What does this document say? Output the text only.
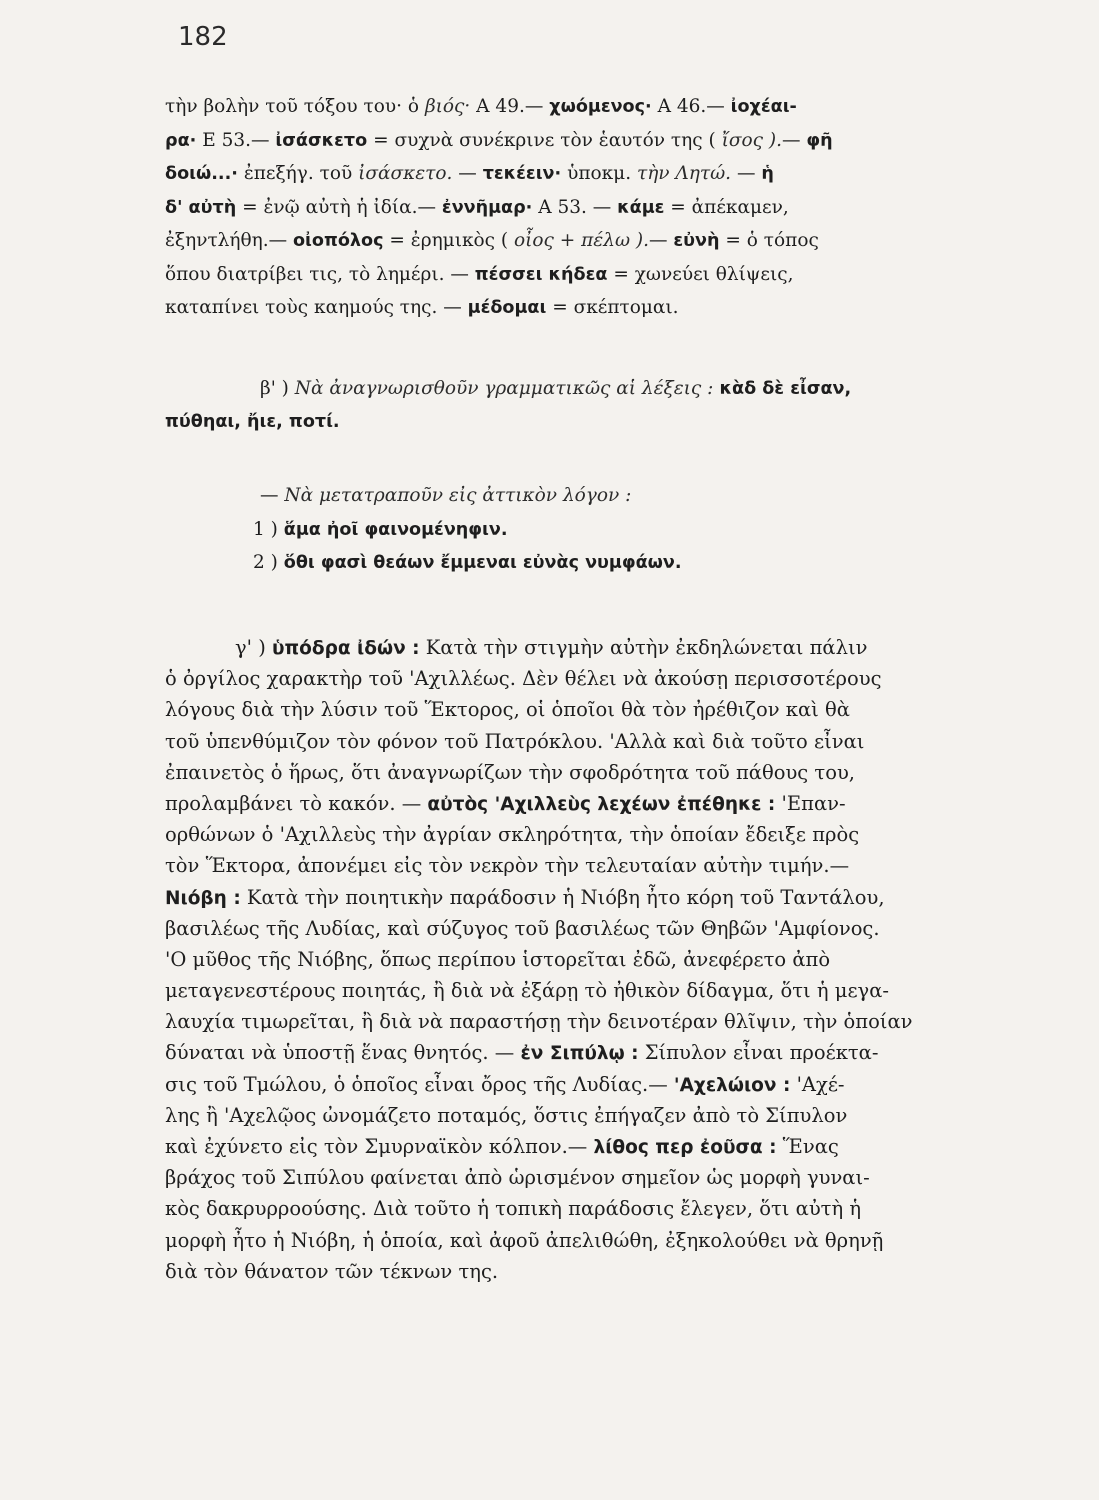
182
τὴν βολὴν τοῦ τόξου του· ὁ βιός· Α 49.— χωόμενος· Α 46.— ἰοχέαι-
ρα· Ε 53.— ἰσάσκετο = συχνὰ συνέκρινε τὸν ἑαυτόν της ( ἴσος ).— φῆ
δοιώ...· ἐπεξήγ. τοῦ ἰσάσκετο. — τεκέειν· ὑποκμ. τὴν Λητώ. — ἡ
δ' αὐτὴ = ἐνῷ αὐτὴ ἡ ἰδία.— ἐννῆμαρ· Α 53. — κάμε = ἀπέκαμεν,
ἐξηντλήθη.— οἰοπόλος = ἐρημικὸς ( οἶος + πέλω ).— εὐνὴ = ὁ τόπος
ὅπου διατρίβει τις, τὸ λημέρι. — πέσσει κήδεα = χωνεύει θλίψεις,
καταπίνει τοὺς καημούς της. — μέδομαι = σκέπτομαι.
β' ) Νὰ ἀναγνωρισθοῦν γραμματικῶς αἱ λέξεις : κὰδ δὲ εἶσαν,
πύθηαι, ἤιε, ποτί.
— Νὰ μετατραποῦν εἰς ἀττικὸν λόγον :
1 ) ἅμα ἠοῖ φαινομένηφιν.
2 ) ὅθι φασὶ θεάων ἔμμεναι εὐνὰς νυμφάων.
γ' ) ὑπόδρα ἰδών : Κατὰ τὴν στιγμὴν αὐτὴν ἐκδηλώνεται πάλιν
ὁ ὀργίλος χαρακτὴρ τοῦ 'Αχιλλέως. Δὲν θέλει νὰ ἀκούσῃ περισσοτέρους
λόγους διὰ τὴν λύσιν τοῦ Ἕκτορος, οἱ ὁποῖοι θὰ τὸν ἠρέθιζον καὶ θὰ
τοῦ ὑπενθύμιζον τὸν φόνον τοῦ Πατρόκλου. 'Αλλὰ καὶ διὰ τοῦτο εἶναι
ἐπαινετὸς ὁ ἥρως, ὅτι ἀναγνωρίζων τὴν σφοδρότητα τοῦ πάθους του,
προλαμβάνει τὸ κακόν. — αὐτὸς 'Αχιλλεὺς λεχέων ἐπέθηκε : 'Επαν-
ορθώνων ὁ 'Αχιλλεὺς τὴν ἀγρίαν σκληρότητα, τὴν ὁποίαν ἔδειξε πρὸς
τὸν Ἕκτορα, ἀπονέμει εἰς τὸν νεκρὸν τὴν τελευταίαν αὐτὴν τιμήν.—
Νιόβη : Κατὰ τὴν ποιητικὴν παράδοσιν ἡ Νιόβη ἦτο κόρη τοῦ Ταντάλου,
βασιλέως τῆς Λυδίας, καὶ σύζυγος τοῦ βασιλέως τῶν Θηβῶν 'Αμφίονος.
'Ο μῦθος τῆς Νιόβης, ὅπως περίπου ἱστορεῖται ἐδῶ, ἀνεφέρετο ἀπὸ
μεταγενεστέρους ποιητάς, ἢ διὰ νὰ ἐξάρῃ τὸ ἠθικὸν δίδαγμα, ὅτι ἡ μεγα-
λαυχία τιμωρεῖται, ἢ διὰ νὰ παραστήσῃ τὴν δεινοτέραν θλῖψιν, τὴν ὁποίαν
δύναται νὰ ὑποστῇ ἕνας θνητός. — ἐν Σιπύλῳ : Σίπυλον εἶναι προέκτα-
σις τοῦ Τμώλου, ὁ ὁποῖος εἶναι ὄρος τῆς Λυδίας.— 'Αχελώιον : 'Αχέ-
λης ἢ 'Αχελῷος ὠνομάζετο ποταμός, ὅστις ἐπήγαζεν ἀπὸ τὸ Σίπυλον
καὶ ἐχύνετο εἰς τὸν Σμυρναϊκὸν κόλπον.— λίθος περ ἐοῦσα : Ἕνας
βράχος τοῦ Σιπύλου φαίνεται ἀπὸ ὡρισμένον σημεῖον ὡς μορφὴ γυναι-
κὸς δακρυρροούσης. Διὰ τοῦτο ἡ τοπικὴ παράδοσις ἔλεγεν, ὅτι αὐτὴ ἡ
μορφὴ ἦτο ἡ Νιόβη, ἡ ὁποία, καὶ ἀφοῦ ἀπελιθώθη, ἐξηκολούθει νὰ θρηνῇ
διὰ τὸν θάνατον τῶν τέκνων της.
